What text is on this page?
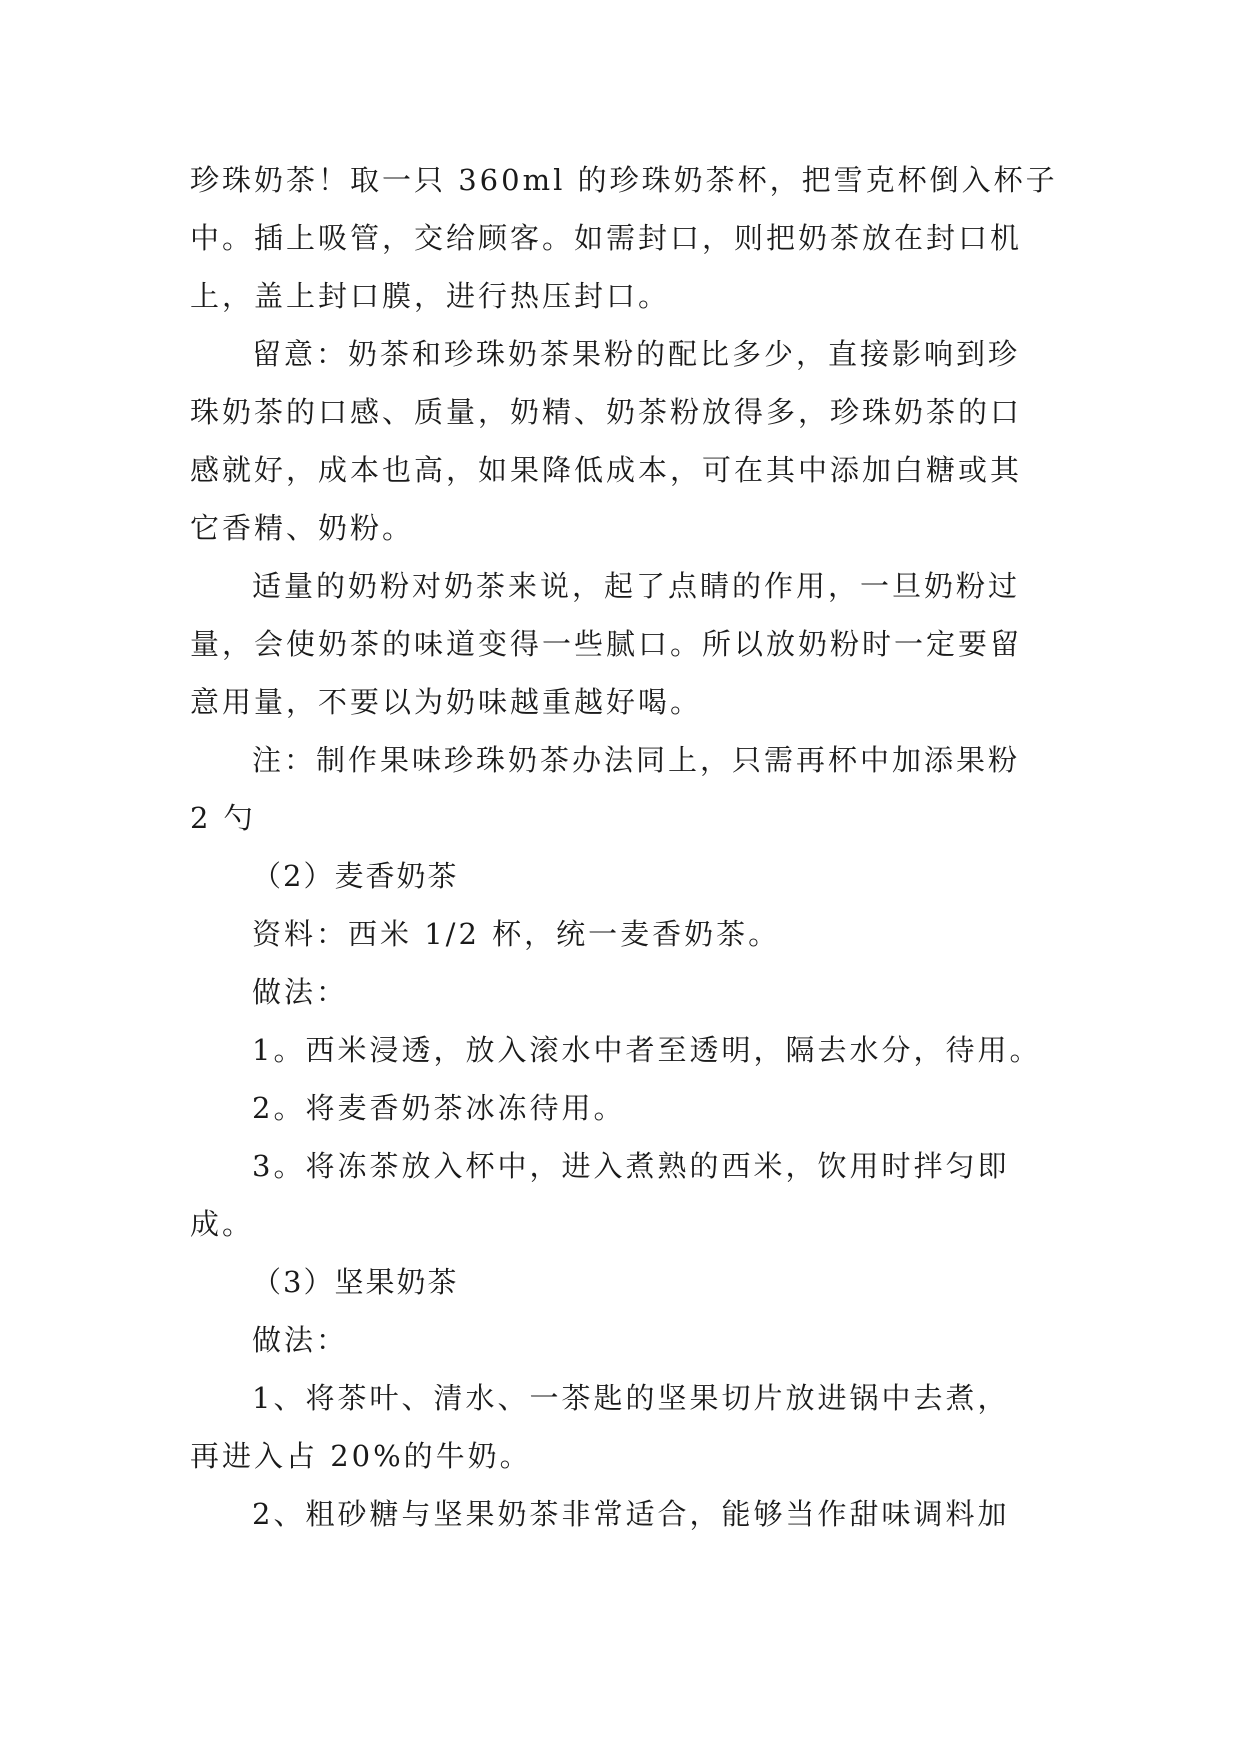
珍珠奶茶！取一只 360ml 的珍珠奶茶杯，把雪克杯倒入杯子
中。插上吸管，交给顾客。如需封口，则把奶茶放在封口机
上，盖上封口膜，进行热压封口。
留意：奶茶和珍珠奶茶果粉的配比多少，直接影响到珍
珠奶茶的口感、质量，奶精、奶茶粉放得多，珍珠奶茶的口
感就好，成本也高，如果降低成本，可在其中添加白糖或其
它香精、奶粉。
适量的奶粉对奶茶来说，起了点睛的作用，一旦奶粉过
量，会使奶茶的味道变得一些腻口。所以放奶粉时一定要留
意用量，不要以为奶味越重越好喝。
注：制作果味珍珠奶茶办法同上，只需再杯中加添果粉
2 勺
（2）麦香奶茶
资料：西米 1/2 杯，统一麦香奶茶。
做法：
1。西米浸透，放入滚水中者至透明，隔去水分，待用。
2。将麦香奶茶冰冻待用。
3。将冻茶放入杯中，进入煮熟的西米，饮用时拌匀即
成。
（3）坚果奶茶
做法：
1、将茶叶、清水、一茶匙的坚果切片放进锅中去煮，
再进入占 20%的牛奶。
2、粗砂糖与坚果奶茶非常适合，能够当作甜味调料加
